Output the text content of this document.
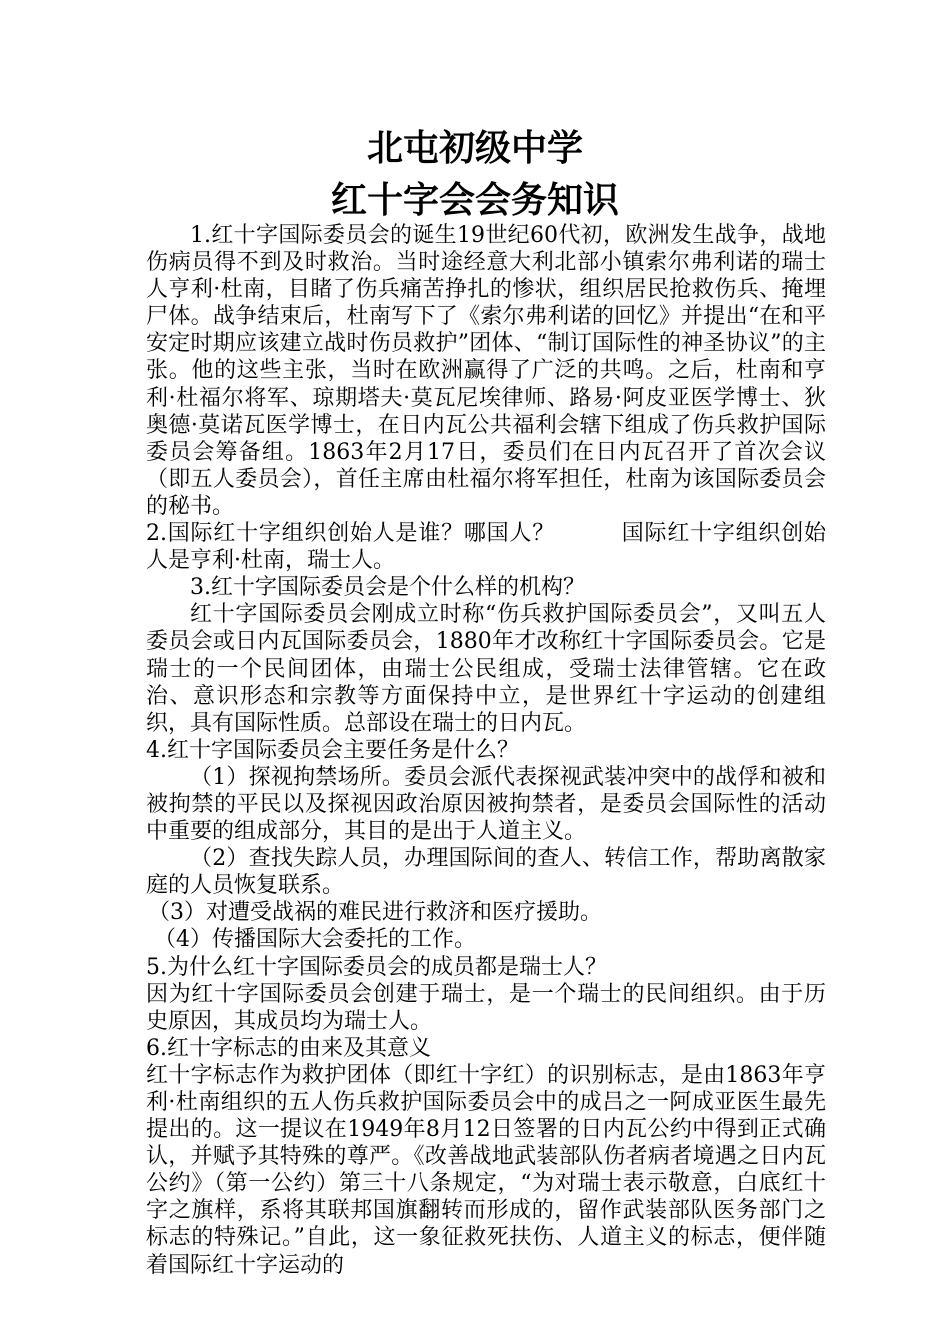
北屯初级中学
红十字会会务知识

1.红十字国际委员会的诞生19世纪60代初，欧洲发生战争，战地伤病员得不到及时救治。当时途经意大利北部小镇索尔弗利诺的瑞士人亨利·杜南，目睹了伤兵痛苦挣扎的惨状，组织居民抢救伤兵、掩埋尸体。战争结束后，杜南写下了《索尔弗利诺的回忆》并提出“在和平安定时期应该建立战时伤员救护”团体、“制订国际性的神圣协议”的主张。他的这些主张，当时在欧洲赢得了广泛的共鸣。之后，杜南和亨利·杜福尔将军、琼期塔夫·莫瓦尼埃律师、路易·阿皮亚医学博士、狄奥德·莫诺瓦医学博士，在日内瓦公共福利会辖下组成了伤兵救护国际委员会筹备组。1863年2月17日，委员们在日内瓦召开了首次会议（即五人委员会），首任主席由杜福尔将军担任，杜南为该国际委员会的秘书。

2.国际红十字组织创始人是谁？哪国人？	国际红十字组织创始人是亨利·杜南，瑞士人。

3.红十字国际委员会是个什么样的机构？

红十字国际委员会刚成立时称“伤兵救护国际委员会”，又叫五人委员会或日内瓦国际委员会，1880年才改称红十字国际委员会。它是瑞士的一个民间团体，由瑞士公民组成，受瑞士法律管辖。它在政治、意识形态和宗教等方面保持中立，是世界红十字运动的创建组织，具有国际性质。总部设在瑞士的日内瓦。

4.红十字国际委员会主要任务是什么？

（1）探视拘禁场所。委员会派代表探视武装冲突中的战俘和被和被拘禁的平民以及探视因政治原因被拘禁者，是委员会国际性的活动中重要的组成部分，其目的是出于人道主义。

（2）查找失踪人员，办理国际间的查人、转信工作，帮助离散家庭的人员恢复联系。

（3）对遭受战祸的难民进行救济和医疗援助。

（4）传播国际大会委托的工作。

5.为什么红十字国际委员会的成员都是瑞士人？

因为红十字国际委员会创建于瑞士，是一个瑞士的民间组织。由于历史原因，其成员均为瑞士人。

6.红十字标志的由来及其意义

红十字标志作为救护团体（即红十字红）的识别标志，是由1863年亨利·杜南组织的五人伤兵救护国际委员会中的成吕之一阿成亚医生最先提出的。这一提议在1949年8月12日签署的日内瓦公约中得到正式确认，并赋予其特殊的尊严。《改善战地武装部队伤者病者境遇之日内瓦公约》（第一公约）第三十八条规定，“为对瑞士表示敬意，白底红十字之旗样，系将其联邦国旗翻转而形成的，留作武装部队医务部门之标志的特殊记。”自此，这一象征救死扶伤、人道主义的标志，便伴随着国际红十字运动的
